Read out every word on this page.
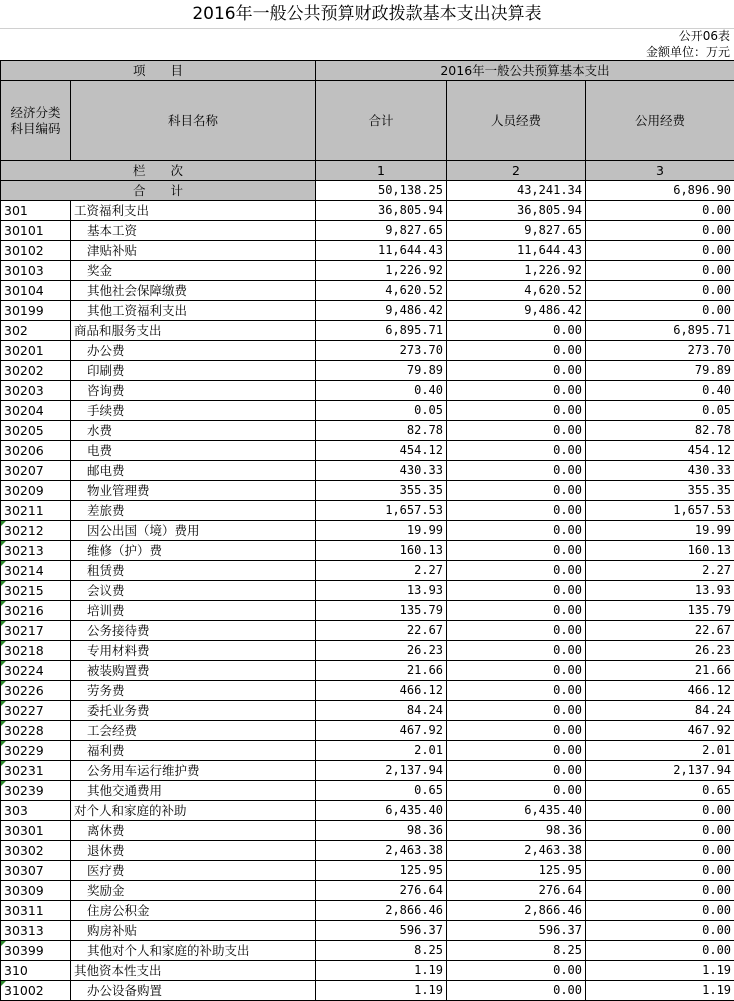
2016年一般公共预算财政拨款基本支出决算表
公开06表
金额单位：万元
项　　目		2016年一般公共预算基本支出		

经济分类
科目编码	科目名称	合计	人员经费	公用经费
栏　　次		1	2	3
合　　计		50,138.25	43,241.34	6,896.90
301	工资福利支出	36,805.94	36,805.94	0.00
30101	基本工资	9,827.65	9,827.65	0.00
30102	津贴补贴	11,644.43	11,644.43	0.00
30103	奖金	1,226.92	1,226.92	0.00
30104	其他社会保障缴费	4,620.52	4,620.52	0.00
30199	其他工资福利支出	9,486.42	9,486.42	0.00
302	商品和服务支出	6,895.71	0.00	6,895.71
30201	办公费	273.70	0.00	273.70
30202	印刷费	79.89	0.00	79.89
30203	咨询费	0.40	0.00	0.40
30204	手续费	0.05	0.00	0.05
30205	水费	82.78	0.00	82.78
30206	电费	454.12	0.00	454.12
30207	邮电费	430.33	0.00	430.33
30209	物业管理费	355.35	0.00	355.35
30211	差旅费	1,657.53	0.00	1,657.53

30212	因公出国（境）费用	19.99	0.00	19.99

30213	维修（护）费	160.13	0.00	160.13

30214	租赁费	2.27	0.00	2.27

30215	会议费	13.93	0.00	13.93

30216	培训费	135.79	0.00	135.79

30217	公务接待费	22.67	0.00	22.67

30218	专用材料费	26.23	0.00	26.23

30224	被装购置费	21.66	0.00	21.66

30226	劳务费	466.12	0.00	466.12

30227	委托业务费	84.24	0.00	84.24

30228	工会经费	467.92	0.00	467.92

30229	福利费	2.01	0.00	2.01

30231	公务用车运行维护费	2,137.94	0.00	2,137.94

30239	其他交通费用	0.65	0.00	0.65
303	对个人和家庭的补助	6,435.40	6,435.40	0.00
30301	离休费	98.36	98.36	0.00
30302	退休费	2,463.38	2,463.38	0.00
30307	医疗费	125.95	125.95	0.00
30309	奖励金	276.64	276.64	0.00
30311	住房公积金	2,866.46	2,866.46	0.00
30313	购房补贴	596.37	596.37	0.00

30399	其他对个人和家庭的补助支出	8.25	8.25	0.00
310	其他资本性支出	1.19	0.00	1.19

31002	办公设备购置	1.19	0.00	1.19
